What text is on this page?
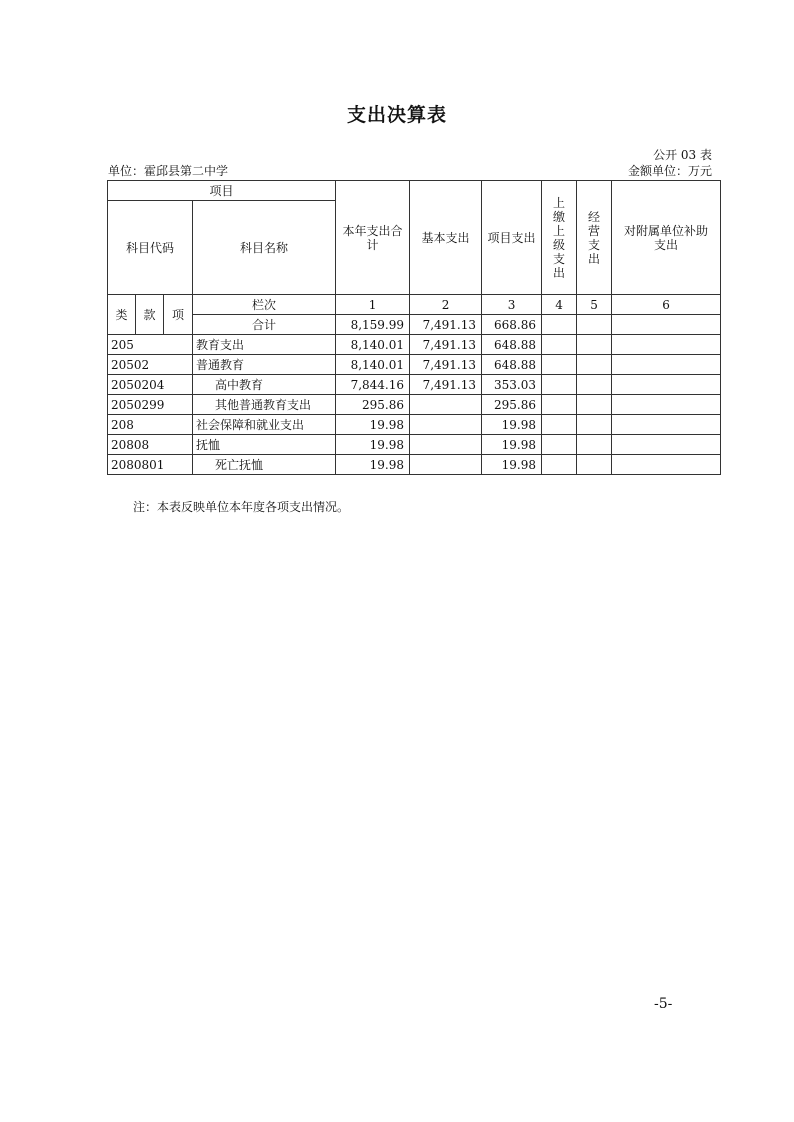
支出决算表
公开 03 表
单位：霍邱县第二中学	金额单位：万元
项目				本年支出合计	基本支出	项目支出	上缴上级支出	经营支出	对附属单位补助支出
科目代码			科目名称						
类	款	项	栏次	1	2	3	4	5	6
			合计	8,159.99	7,491.13	668.86			
205			教育支出	8,140.01	7,491.13	648.88			
20502			普通教育	8,140.01	7,491.13	648.88			
2050204			高中教育	7,844.16	7,491.13	353.03			
2050299			其他普通教育支出	295.86		295.86			
208			社会保障和就业支出	19.98		19.98			
20808			抚恤	19.98		19.98			
2080801			死亡抚恤	19.98		19.98			
注：本表反映单位本年度各项支出情况。
-5-
